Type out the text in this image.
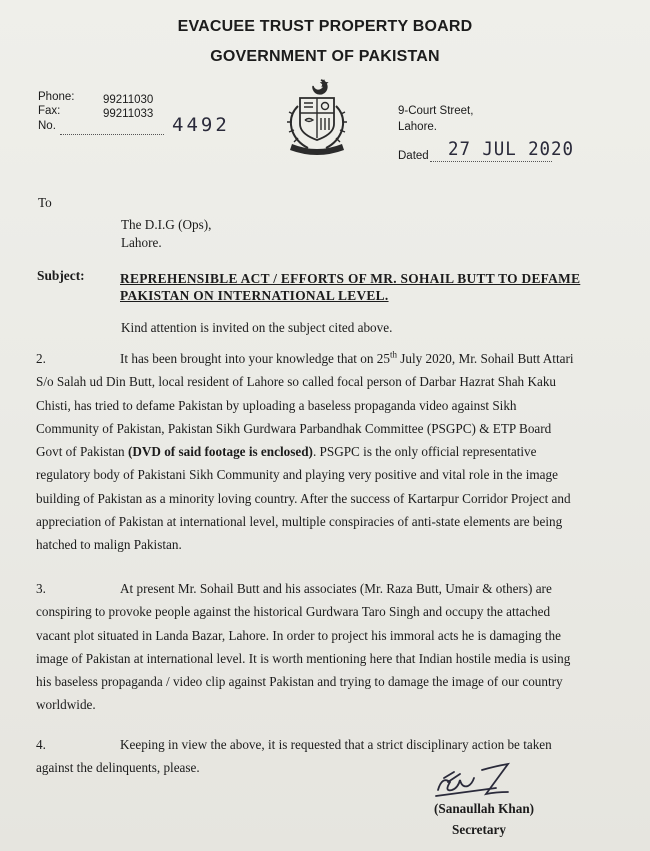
EVACUEE TRUST PROPERTY BOARD
GOVERNMENT OF PAKISTAN
Phone: 99211030
Fax:	99211033
No.	4492
9-Court Street,
Lahore.
Dated 27 JUL 2020
To
The D.I.G (Ops),
Lahore.
Subject:	REPREHENSIBLE ACT / EFFORTS OF MR. SOHAIL BUTT TO DEFAME
PAKISTAN ON INTERNATIONAL LEVEL.
Kind attention is invited on the subject cited above.
2.	It has been brought into your knowledge that on 25th July 2020, Mr. Sohail Butt Attari
S/o Salah ud Din Butt, local resident of Lahore so called focal person of Darbar Hazrat Shah Kaku
Chisti, has tried to defame Pakistan by uploading a baseless propaganda video against Sikh
Community of Pakistan, Pakistan Sikh Gurdwara Parbandhak Committee (PSGPC) & ETP Board
Govt of Pakistan (DVD of said footage is enclosed). PSGPC is the only official representative
regulatory body of Pakistani Sikh Community and playing very positive and vital role in the image
building of Pakistan as a minority loving country. After the success of Kartarpur Corridor Project and
appreciation of Pakistan at international level, multiple conspiracies of anti-state elements are being
hatched to malign Pakistan.
3.	At present Mr. Sohail Butt and his associates (Mr. Raza Butt, Umair & others) are
conspiring to provoke people against the historical Gurdwara Taro Singh and occupy the attached
vacant plot situated in Landa Bazar, Lahore. In order to project his immoral acts he is damaging the
image of Pakistan at international level. It is worth mentioning here that Indian hostile media is using
his baseless propaganda / video clip against Pakistan and trying to damage the image of our country
worldwide.
4.	Keeping in view the above, it is requested that a strict disciplinary action be taken
against the delinquents, please.
(Sanaullah Khan)
Secretary
